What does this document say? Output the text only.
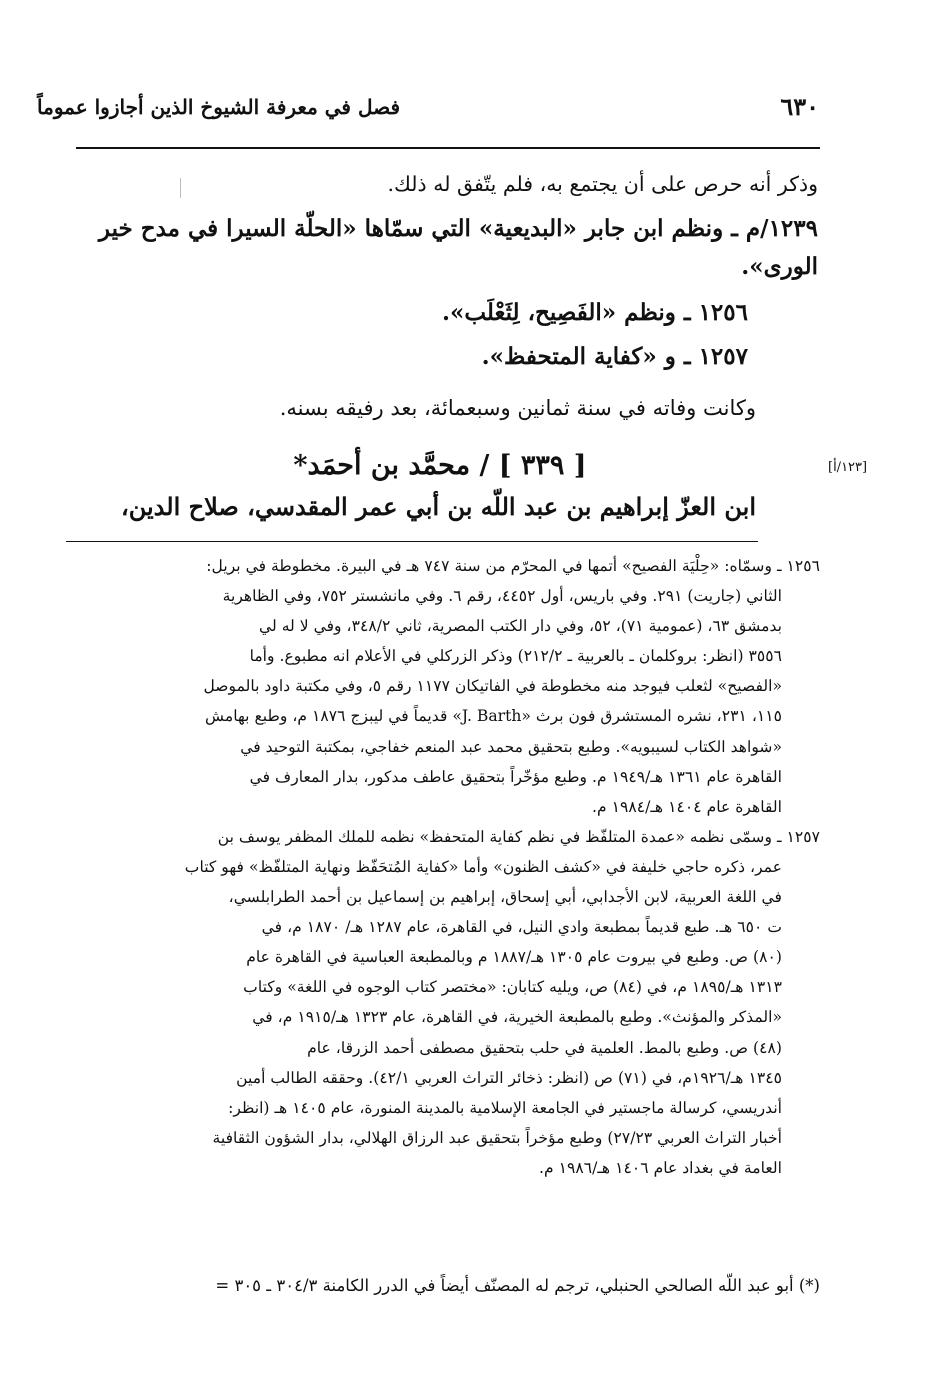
٦٣٠
فصل في معرفة الشيوخ الذين أجازوا عموماً
وذكر أنه حرص على أن يجتمع به، فلم يتّفق له ذلك.
١٢٣٩/م ـ ونظم ابن جابر «البديعية» التي سمّاها «الحلّة السيرا في مدح خير
الورى».
١٢٥٦ ـ ونظم «الفَصِيح، لِثَعْلَب».
١٢٥٧ ـ و «كفاية المتحفظ».
وكانت وفاته في سنة ثمانين وسبعمائة، بعد رفيقه بسنه.
[١٢٣/أ]
[ ٣٣٩ ] / محمَّد بن أحمَد*
ابن العزّ إبراهيم بن عبد اللّه بن أبي عمر المقدسي، صلاح الدين،
١٢٥٦ ـ وسمّاه: «حِلْيَة الفصيح» أتمها في المحرّم من سنة ٧٤٧ هـ في البيرة. مخطوطة في بريل:
الثاني (جاريت) ٢٩١. وفي باريس، أول ٤٤٥٢، رقم ٦. وفي مانشستر ٧٥٢، وفي الظاهرية
بدمشق ٦٣، (عمومية ٧١)، ٥٢، وفي دار الكتب المصرية، ثاني ٣٤٨/٢، وفي لا له لي
٣٥٥٦ (انظر: بروكلمان ـ بالعربية ـ ٢١٢/٢) وذكر الزركلي في الأعلام انه مطبوع. وأما
«الفصيح» لثعلب فيوجد منه مخطوطة في الفاتيكان ١١٧٧ رقم ٥، وفي مكتبة داود بالموصل
١١٥، ٢٣١، نشره المستشرق فون برث «J. Barth» قديماً في ليبزج ١٨٧٦ م، وطبع بهامش
«شواهد الكتاب لسيبويه». وطبع بتحقيق محمد عبد المنعم خفاجي، بمكتبة التوحيد في
القاهرة عام ١٣٦١ هـ/١٩٤٩ م. وطبع مؤخّراً بتحقيق عاطف مدكور، بدار المعارف في
القاهرة عام ١٤٠٤ هـ/١٩٨٤ م.
١٢٥٧ ـ وسمّى نظمه «عمدة المتلفّظ في نظم كفاية المتحفظ» نظمه للملك المظفر يوسف بن
عمر، ذكره حاجي خليفة في «كشف الظنون» وأما «كفاية المُتحَفّظ ونهاية المتلفّظ» فهو كتاب
في اللغة العربية، لابن الأجدابي، أبي إسحاق، إبراهيم بن إسماعيل بن أحمد الطرابلسي،
ت ٦٥٠ هـ. طبع قديماً بمطبعة وادي النيل، في القاهرة، عام ١٢٨٧ هـ/ ١٨٧٠ م، في
(٨٠) ص. وطبع في بيروت عام ١٣٠٥ هـ/١٨٨٧ م وبالمطبعة العباسية في القاهرة عام
١٣١٣ هـ/١٨٩٥ م، في (٨٤) ص، ويليه كتابان: «مختصر كتاب الوجوه في اللغة» وكتاب
«المذكر والمؤنث». وطبع بالمطبعة الخيرية، في القاهرة، عام ١٣٢٣ هـ/١٩١٥ م، في
(٤٨) ص. وطبع بالمط. العلمية في حلب بتحقيق مصطفى أحمد الزرقا، عام
١٣٤٥ هـ/١٩٢٦م، في (٧١) ص (انظر: ذخائر التراث العربي ٤٢/١). وحققه الطالب أمين
أندريسي، كرسالة ماجستير في الجامعة الإسلامية بالمدينة المنورة، عام ١٤٠٥ هـ (انظر:
أخبار التراث العربي ٢٧/٢٣) وطبع مؤخراً بتحقيق عبد الرزاق الهلالي، بدار الشؤون الثقافية
العامة في بغداد عام ١٤٠٦ هـ/١٩٨٦ م.
(*) أبو عبد اللّه الصالحي الحنبلي، ترجم له المصنّف أيضاً في الدرر الكامنة ٣٠٤/٣ ـ ٣٠٥ =
